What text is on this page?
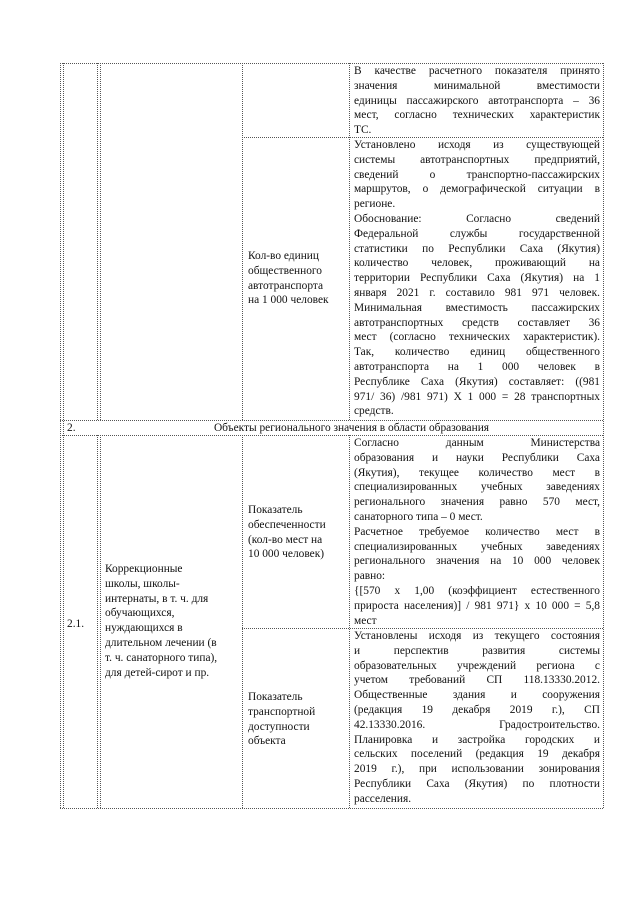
В качестве расчетного показателя принято
значения минимальной вместимости
единицы пассажирского автотранспорта – 36
мест, согласно технических характеристик
ТС.
Кол-во единиц
общественного
автотранспорта
на 1 000 человек
Установлено исходя из существующей
системы автотранспортных предприятий,
сведений о транспортно-пассажирских
маршрутов, о демографической ситуации в
регионе.
Обоснование: Согласно сведений
Федеральной службы государственной
статистики по Республики Саха (Якутия)
количество человек, проживающий на
территории Республики Саха (Якутия) на 1
января 2021 г. составило 981 971 человек.
Минимальная вместимость пассажирских
автотранспортных средств составляет 36
мест (согласно технических характеристик).
Так, количество единиц общественного
автотранспорта на 1 000 человек в
Республике Саха (Якутия) составляет: ((981
971/ 36) /981 971) Х 1 000 = 28 транспортных
средств.
2.	Объекты регионального значения в области образования
2.1.
Коррекционные
школы, школы-
интернаты, в т. ч. для
обучающихся,
нуждающихся в
длительном лечении (в
т. ч. санаторного типа),
для детей-сирот и пр.
Показатель
обеспеченности
(кол-во мест на
10 000 человек)
Согласно данным Министерства
образования и науки Республики Саха
(Якутия), текущее количество мест в
специализированных учебных заведениях
регионального значения равно 570 мест,
санаторного типа – 0 мест.
Расчетное требуемое количество мест в
специализированных учебных заведениях
регионального значения на 10 000 человек
равно:
{[570 х 1,00 (коэффициент естественного
прироста населения)] / 981 971} х 10 000 = 5,8
мест
Показатель
транспортной
доступности
объекта
Установлены исходя из текущего состояния
и перспектив развития системы
образовательных учреждений региона с
учетом требований СП 118.13330.2012.
Общественные здания и сооружения
(редакция 19 декабря 2019 г.), СП
42.13330.2016. Градостроительство.
Планировка и застройка городских и
сельских поселений (редакция 19 декабря
2019 г.), при использовании зонирования
Республики Саха (Якутия) по плотности
расселения.
